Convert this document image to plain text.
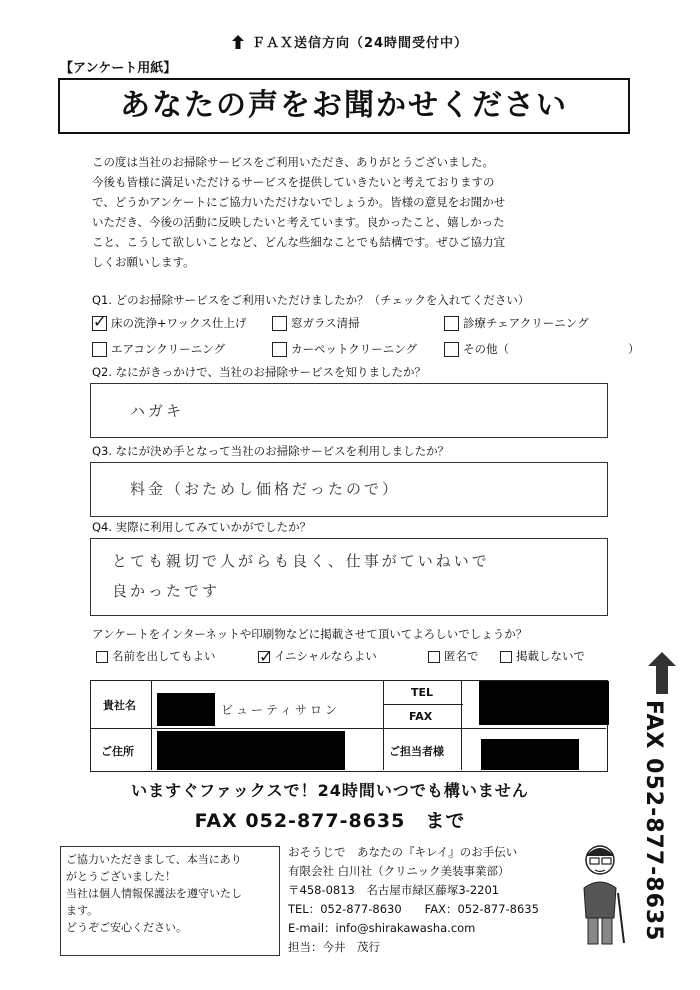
ＦＡＸ送信方向（24時間受付中）
【アンケート用紙】
あなたの声をお聞かせください
この度は当社のお掃除サービスをご利用いただき、ありがとうございました。
今後も皆様に満足いただけるサービスを提供していきたいと考えておりますの
で、どうかアンケートにご協力いただけないでしょうか。皆様の意見をお聞かせ
いただき、今後の活動に反映したいと考えています。良かったこと、嬉しかった
こと、こうして欲しいことなど、どんな些細なことでも結構です。ぜひご協力宜
しくお願いします。
Q1. どのお掃除サービスをご利用いただけましたか？（チェックを入れてください）
✓床の洗浄+ワックス仕上げ	窓ガラス清掃	診療チェアクリーニング
エアコンクリーニング	カーペットクリーニング	その他（	）
Q2. なにがきっかけで、当社のお掃除サービスを知りましたか？
ハガキ
Q3. なにが決め手となって当社のお掃除サービスを利用しましたか？
料金（おためし価格だったので）
Q4. 実際に利用してみていかがでしたか？
とても親切で人がらも良く、仕事がていねいで
良かったです
アンケートをインターネットや印刷物などに掲載させて頂いてよろしいでしょうか？
名前を出してもよい
✓	イニシャルならよい	匿名で	掲載しないで
貴社名	ビューティサロン
TEL
FAX
ご住所	ご担当者様
いますぐファックスで！24時間いつでも構いません
FAX 052-877-8635　まで
ご協力いただきまして、本当にあり
がとうございました！
当社は個人情報保護法を遵守いたし
ます。
どうぞご安心ください。
おそうじで　あなたの『キレイ』のお手伝い
有限会社 白川社（クリニック美装事業部）
〒458-0813　名古屋市緑区藤塚3-2201
TEL：052-877-8630　　FAX：052-877-8635
E-mail：info@shirakawasha.com
担当：今井　茂行
FAX 052-877-8635
